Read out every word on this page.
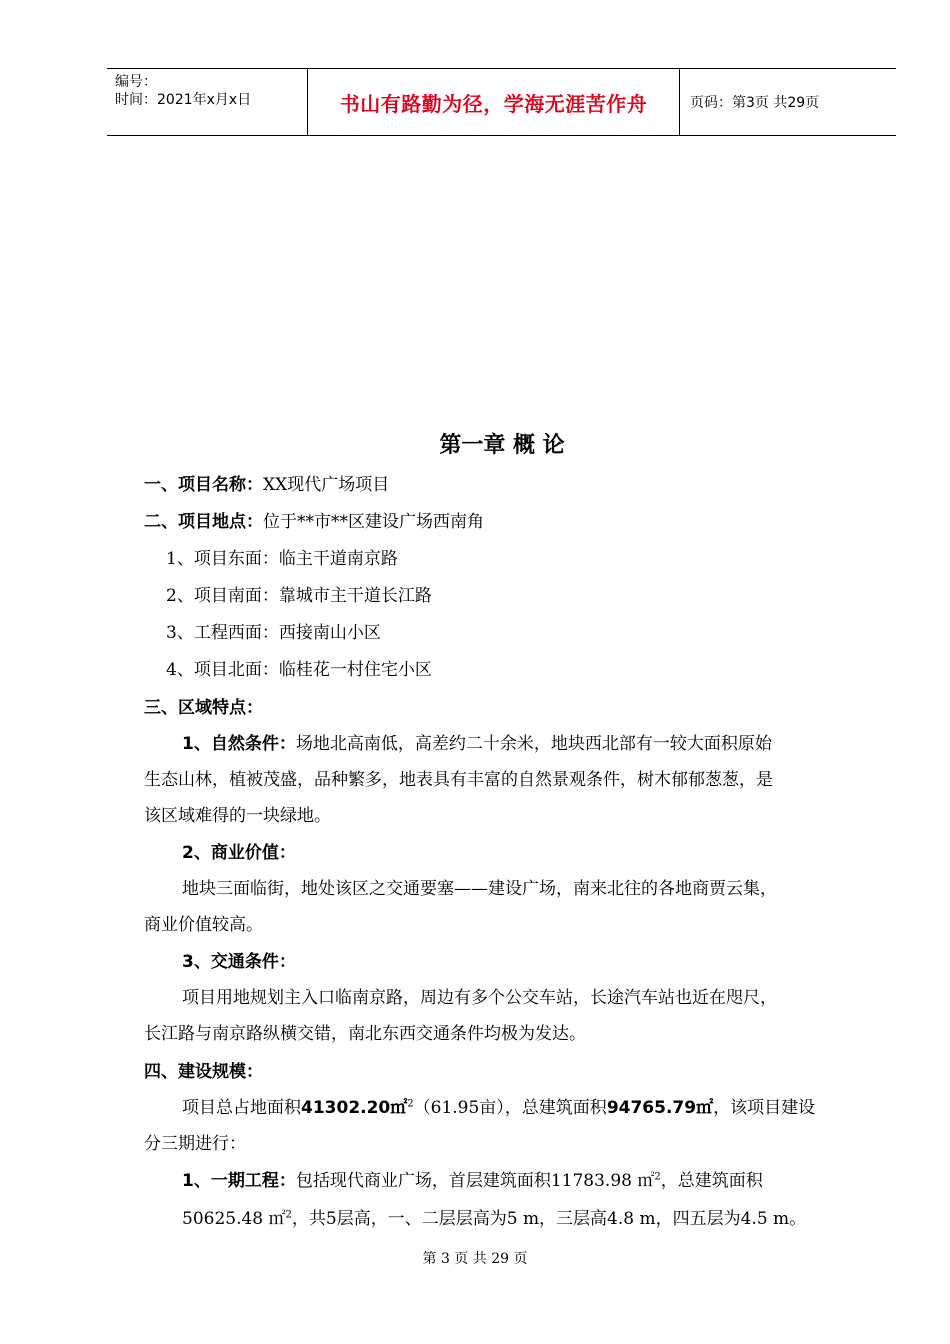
编号：
时间：2021年x月x日	书山有路勤为径，学海无涯苦作舟	页码：第3页 共29页
第一章 概 论
一、项目名称：XX现代广场项目
二、项目地点：位于**市**区建设广场西南角
1、项目东面：临主干道南京路
2、项目南面：靠城市主干道长江路
3、工程西面：西接南山小区
4、项目北面：临桂花一村住宅小区
三、区域特点：
1、自然条件：场地北高南低，高差约二十余米，地块西北部有一较大面积原始
生态山林，植被茂盛，品种繁多，地表具有丰富的自然景观条件，树木郁郁葱葱，是
该区域难得的一块绿地。
2、商业价值：
地块三面临街，地处该区之交通要塞——建设广场，南来北往的各地商贾云集，
商业价值较高。
3、交通条件：
项目用地规划主入口临南京路，周边有多个公交车站，长途汽车站也近在咫尺，
长江路与南京路纵横交错，南北东西交通条件均极为发达。
四、建设规模：
项目总占地面积41302.20㎡$^2$（61.95亩），总建筑面积94765.79㎡，该项目建设
分三期进行：
1、一期工程：包括现代商业广场，首层建筑面积11783.98 ㎡$^2$，总建筑面积
50625.48 ㎡$^2$，共5层高，一、二层层高为5 m，三层高4.8 m，四五层为4.5 m。
第 3 页 共 29 页
